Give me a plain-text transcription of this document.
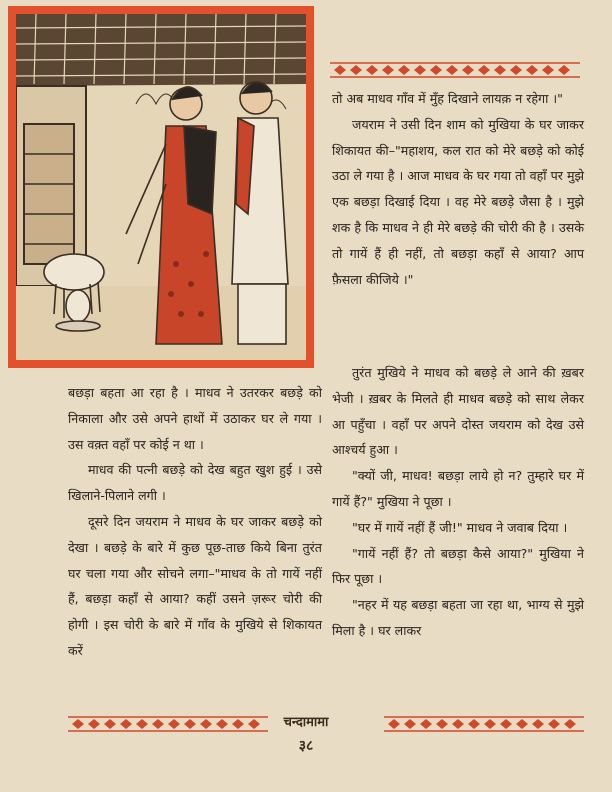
तो अब माधव गाँव में मुँह दिखाने लायक़ न रहेगा ।"

जयराम ने उसी दिन शाम को मुखिया के घर जाकर शिकायत की–"महाशय, कल रात को मेरे बछड़े को कोई उठा ले गया है । आज माधव के घर गया तो वहाँ पर मुझे एक बछड़ा दिखाई दिया । वह मेरे बछड़े जैसा है । मुझे शक है कि माधव ने ही मेरे बछड़े की चोरी की है । उसके तो गायें हैं ही नहीं, तो बछड़ा कहाँ से आया? आप फ़ैसला कीजिये ।"

बछड़ा बहता आ रहा है । माधव ने उतरकर बछड़े को निकाला और उसे अपने हाथों में उठाकर घर ले गया । उस वक़्त वहाँ पर कोई न था ।

माधव की पत्नी बछड़े को देख बहुत खुश हुई । उसे खिलाने-पिलाने लगी ।

दूसरे दिन जयराम ने माधव के घर जाकर बछड़े को देखा । बछड़े के बारे में कुछ पूछ-ताछ किये बिना तुरंत घर चला गया और सोचने लगा–"माधव के तो गायें नहीं हैं, बछड़ा कहाँ से आया? कहीं उसने ज़रूर चोरी की होगी । इस चोरी के बारे में गाँव के मुखिये से शिकायत करें

तुरंत मुखिये ने माधव को बछड़े ले आने की ख़बर भेजी । ख़बर के मिलते ही माधव बछड़े को साथ लेकर आ पहुँचा । वहाँ पर अपने दोस्त जयराम को देख उसे आश्चर्य हुआ ।

"क्यों जी, माधव! बछड़ा लाये हो न? तुम्हारे घर में गायें हैं?" मुखिया ने पूछा ।

"घर में गायें नहीं हैं जी!" माधव ने जवाब दिया ।

"गायें नहीं हैं? तो बछड़ा कैसे आया?" मुखिया ने फिर पूछा ।

"नहर में यह बछड़ा बहता जा रहा था, भाग्य से मुझे मिला है । घर लाकर

चन्दामामा
३८
